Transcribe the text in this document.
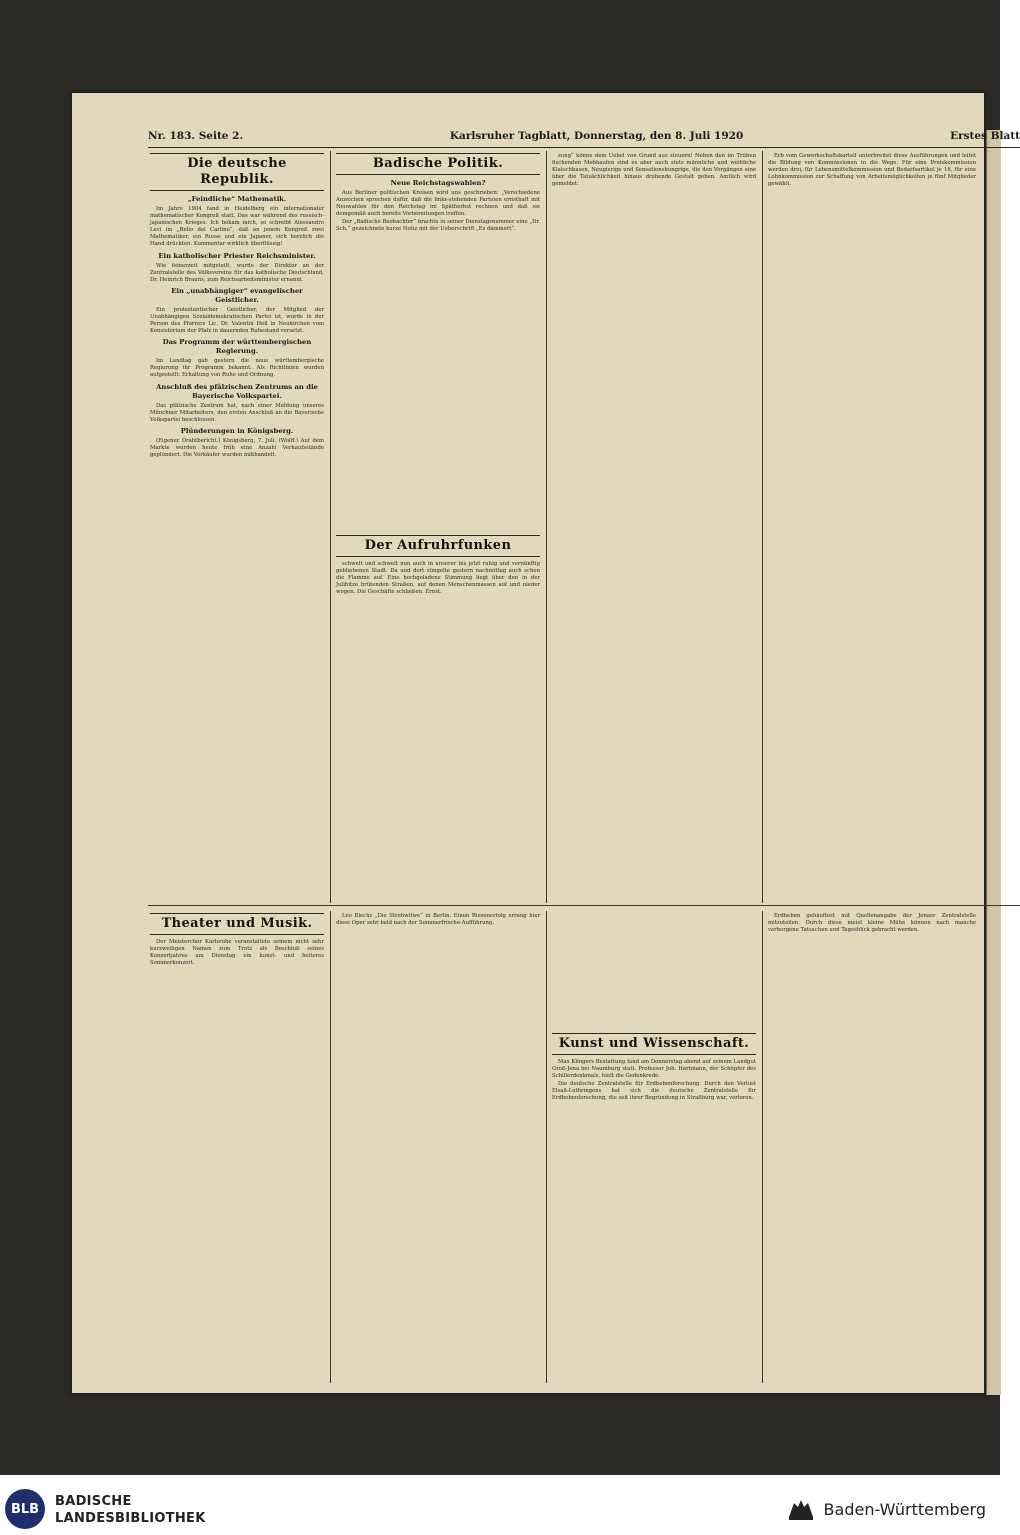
Nr. 183. Seite 2.	Karlsruher Tagblatt, Donnerstag, den 8. Juli 1920	Erstes Blatt
Die deutsche Republik.
„Feindliche“ Mathematik.

Im Jahre 1904 fand in Heidelberg ein internationaler mathematischer Kongreß statt. Das war während des russisch-japanischen Krieges. Ich bekam mich, so schreibt Alessandro Levi im „Relio del Carlino“, daß an jenem Kongreß zwei Mathematiker, ein Russe und ein Japaner, sich herzlich die Hand drückten. Kommentar wirklich überflüssig!

Ein katholischer Priester Reichsminister.

Wie feinerzeit mitgeteilt, wurde der Direktor an der Zentralstelle des Volksvereins für das katholische Deutschland, Dr. Heinrich Brauns, zum Reichsarbeitsminister ernannt.

Ein „unabhängiger“ evangelischer Geistlicher.

Ein protestantischer Geistlicher, der Mitglied der Unabhängigen Sozialdemokratischen Partei ist, wurde in der Person des Pfarrers Lic. Dr. Valentin Heil in Neukirchen vom Konsistorium der Pfalz in dauernden Ruhestand versetzt.

Das Programm der württembergischen Regierung.

Im Landtag gab gestern die neue württembergische Regierung ihr Programm bekannt. Als Richtlinien wurden aufgestellt: Erhaltung von Ruhe und Ordnung.

Anschluß des pfälzischen Zentrums an die Bayerische Volkspartei.

Das pfälzische Zentrum hat, nach einer Meldung unseres Münchner Mitarbeiters, den ersten Anschluß an die Bayerische Volkspartei beschlossen.

Plünderungen in Königsberg.

(Eigener Drahtbericht.) Königsberg, 7. Juli. (Wolff.) Auf dem Markte wurden heute früh eine Anzahl Verkaufsstände geplündert. Die Verkäufer wurden mißhandelt.

Badische Politik.
Neue Reichstagswahlen?

Aus Berliner politischen Kreisen wird uns geschrieben: „Verschiedene Anzeichen sprechen dafür, daß die links-stehenden Parteien ernsthaft mit Neuwahlen für den Reichstag im Spätherbst rechnen und daß sie demgemäß auch bereits Vorbereitungen treffen.

Der „Badische Beobachter“ brachte in seiner Dienstagsnummer eine „Dr. Sch.“ gezeichnete kurze Notiz mit der Ueberschrift „Es dämmert“.

Der Aufruhrfunken

schwelt und schwelt nun auch in unserer bis jetzt ruhig und vernünftig gebliebenen Stadt. Da und dort züngelte gestern nachmittag auch schon die Flamme auf. Eine hochgeladene Stimmung liegt über den in der Julihitze brütenden Straßen, auf denen Menschenmassen auf und nieder wogen. Die Geschäfte schließen. Ernst.

zung“ könne dem Uebel von Grund aus steuern! Neben den im Trüben fischenden Mobhaufen sind es aber auch stets männliche und weibliche Klatschbasen, Neugierige und Sensationshungrige, die den Vorgängen eine über die Tatsächlichkeit hinaus drohende Gestalt geben. Amtlich wird gemeldet:

Erb vom Gewerkschaftskartell unterbreitet diese Ausführungen und leitet die Bildung von Kommissionen in die Wege. Für eine Preiskommission werden drei, für Lebensmittelkommission und Bedarfsartikel je 16, für eine Lohnkommission zur Schaffung von Arbeitsmöglichkeiten je fünf Mitglieder gewählt.

Theater und Musik.

Der Meisterchor Karlsruhe veranstaltete seinem nicht sehr kurzweiligen Namen zum Trotz als Beschluß seines Konzertjahres am Dienstag ein kunst- und heiteres Sommerkonzert.

Leo Blechs „Die Strohwitwe“ in Berlin. Einen Riesenerfolg errang hier diese Oper sehr bald nach der Sommerfrische-Aufführung.

Kunst und Wissenschaft.

Max Klingers Bestattung fand am Donnerstag abend auf seinem Landgut Groß-Jena bei Naumburg statt. Professor Joh. Hartmann, der Schöpfer des Schillerdenkmals, hielt die Gedenkrede.

Die deutsche Zentralstelle für Erdbebenforschung. Durch den Verlust Elsaß-Lothringens hat sich die deutsche Zentralstelle für Erdbebenforschung, die seit ihrer Begründung in Straßburg war, verloren.

Erdbeben gehäuftest mit Quellenangabe der Jenaer Zentralstelle mitzuteilen. Durch diese meist kleine Mühe können nach manche verborgene Tatsachen und Tagesblick gebracht werden.

BLB	BADISCHE
LANDESBIBLIOTHEK	Baden-Württemberg
